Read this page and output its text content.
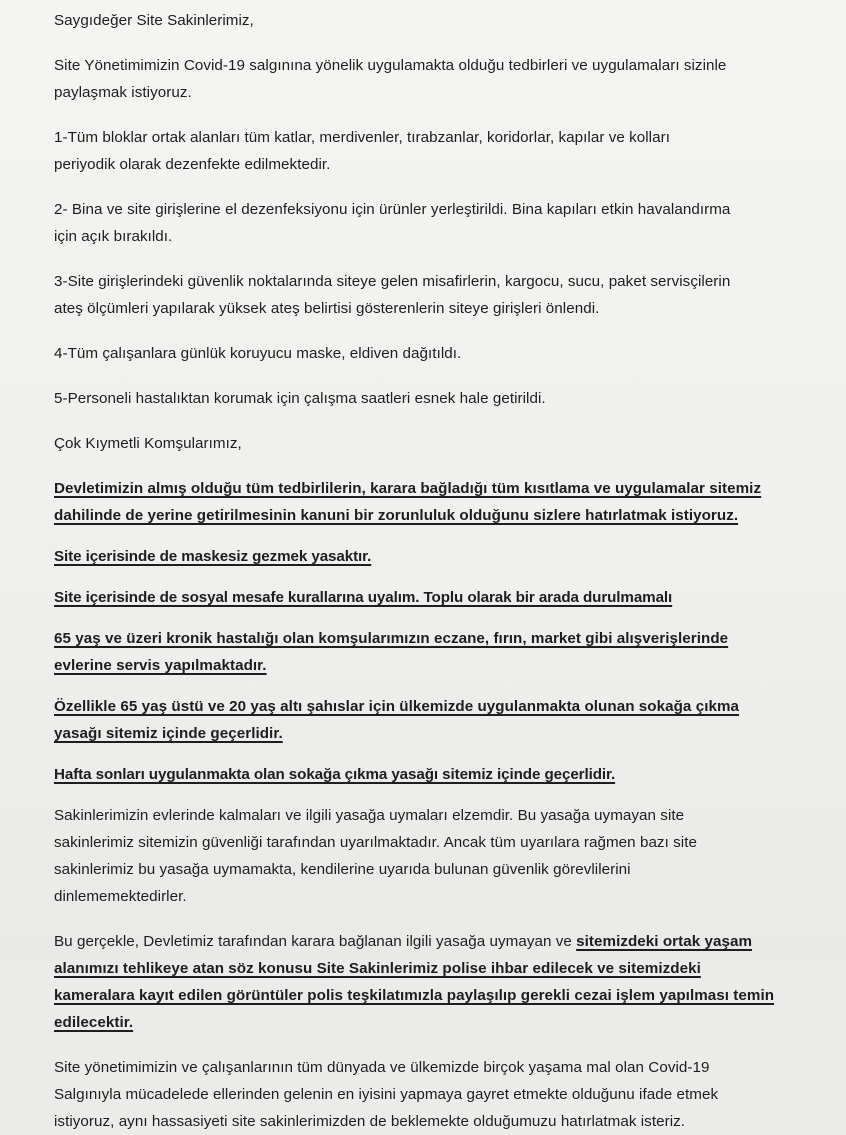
Saygıdeğer Site Sakinlerimiz,
Site Yönetimimizin Covid-19 salgınına yönelik uygulamakta olduğu tedbirleri ve uygulamaları sizinle
paylaşmak istiyoruz.
1-Tüm bloklar ortak alanları tüm katlar, merdivenler, tırabzanlar, koridorlar, kapılar ve kolları
periyodik olarak dezenfekte edilmektedir.
2- Bina ve site girişlerine el dezenfeksiyonu için ürünler yerleştirildi. Bina kapıları etkin havalandırma
için açık bırakıldı.
3-Site girişlerindeki güvenlik noktalarında siteye gelen misafirlerin, kargocu, sucu, paket servisçilerin
ateş ölçümleri yapılarak yüksek ateş belirtisi gösterenlerin siteye girişleri önlendi.
4-Tüm çalışanlara günlük koruyucu maske, eldiven dağıtıldı.
5-Personeli hastalıktan korumak için çalışma saatleri esnek hale getirildi.
Çok Kıymetli Komşularımız,
Devletimizin almış olduğu tüm tedbirlilerin, karara bağladığı tüm kısıtlama ve uygulamalar sitemiz
dahilinde de yerine getirilmesinin kanuni bir zorunluluk olduğunu sizlere hatırlatmak istiyoruz.
Site içerisinde de maskesiz gezmek yasaktır.
Site içerisinde de sosyal mesafe kurallarına uyalım. Toplu olarak bir arada durulmamalı
65 yaş ve üzeri kronik hastalığı olan komşularımızın eczane, fırın, market gibi alışverişlerinde
evlerine servis yapılmaktadır.
Özellikle 65 yaş üstü ve 20 yaş altı şahıslar için ülkemizde uygulanmakta olunan sokağa çıkma
yasağı sitemiz içinde geçerlidir.
Hafta sonları uygulanmakta olan sokağa çıkma yasağı sitemiz içinde geçerlidir.
Sakinlerimizin evlerinde kalmaları ve ilgili yasağa uymaları elzemdir. Bu yasağa uymayan site
sakinlerimiz sitemizin güvenliği tarafından uyarılmaktadır. Ancak tüm uyarılara rağmen bazı site
sakinlerimiz bu yasağa uymamakta, kendilerine uyarıda bulunan güvenlik görevlilerini
dinlememektedirler.
Bu gerçekle, Devletimiz tarafından karara bağlanan ilgili yasağa uymayan ve sitemizdeki ortak yaşam
alanımızı tehlikeye atan söz konusu Site Sakinlerimiz polise ihbar edilecek ve sitemizdeki
kameralara kayıt edilen görüntüler polis teşkilatımızla paylaşılıp gerekli cezai işlem yapılması temin
edilecektir.
Site yönetimimizin ve çalışanlarının tüm dünyada ve ülkemizde birçok yaşama mal olan Covid-19
Salgınıyla mücadelede ellerinden gelenin en iyisini yapmaya gayret etmekte olduğunu ifade etmek
istiyoruz, aynı hassasiyeti site sakinlerimizden de beklemekte olduğumuzu hatırlatmak isteriz.
